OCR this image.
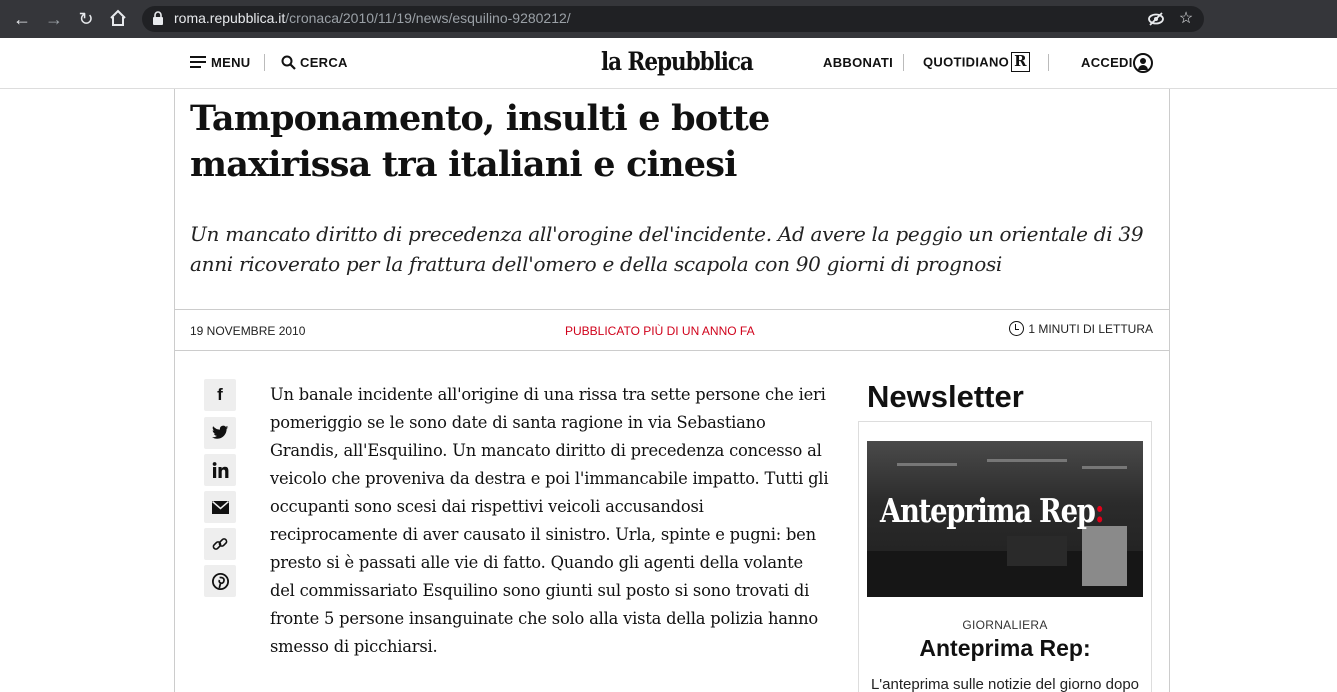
← → ↻	roma.repubblica.it/cronaca/2010/11/19/news/esquilino-9280212/	☆
MENU	CERCA	la Repubblica	ABBONATI QUOTIDIANO R	ACCEDI
Tamponamento, insulti e botte
maxirissa tra italiani e cinesi

Un mancato diritto di precedenza all'orogine del'incidente. Ad avere la peggio un orientale di 39 anni ricoverato per la frattura dell'omero e della scapola con 90 giorni di prognosi

19 NOVEMBRE 2010	PUBBLICATO PIÙ DI UN ANNO FA	1 MINUTI DI LETTURA
f	Un banale incidente all'origine di una rissa tra sette persone che ieri pomeriggio se le sono date di santa ragione in via Sebastiano Grandis, all'Esquilino. Un mancato diritto di precedenza concesso al veicolo che proveniva da destra e poi l'immancabile impatto. Tutti gli occupanti sono scesi dai rispettivi veicoli accusandosi reciprocamente di aver causato il sinistro. Urla, spinte e pugni: ben presto si è passati alle vie di fatto. Quando gli agenti della volante del commissariato Esquilino sono giunti sul posto si sono trovati di fronte 5 persone insanguinate che solo alla vista della polizia hanno smesso di picchiarsi.

Newsletter
Anteprima Rep:
GIORNALIERA
Anteprima Rep:
L'anteprima sulle notizie del giorno dopo
